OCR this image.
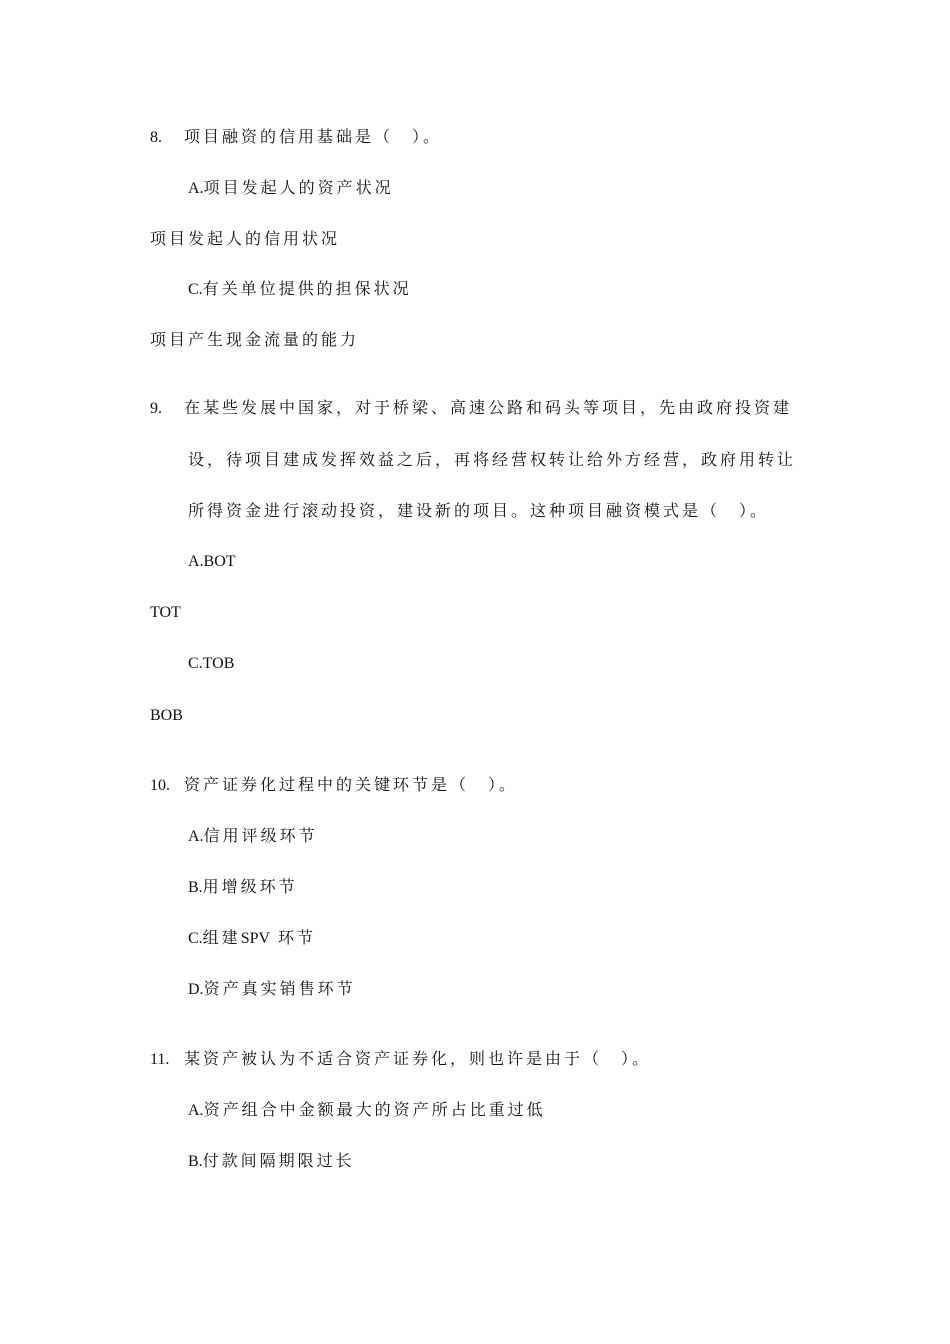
8. 项目融资的信用基础是（　）。
A.项目发起人的资产状况
项目发起人的信用状况
C.有关单位提供的担保状况
项目产生现金流量的能力
9. 在某些发展中国家，对于桥梁、高速公路和码头等项目，先由政府投资建
设，待项目建成发挥效益之后，再将经营权转让给外方经营，政府用转让
所得资金进行滚动投资，建设新的项目。这种项目融资模式是（　）。
A.BOT
TOT
C.TOB
BOB
10. 资产证券化过程中的关键环节是（　）。
A.信用评级环节
B.用增级环节
C.组建SPV 环节
D.资产真实销售环节
11. 某资产被认为不适合资产证券化，则也许是由于（　）。
A.资产组合中金额最大的资产所占比重过低
B.付款间隔期限过长
